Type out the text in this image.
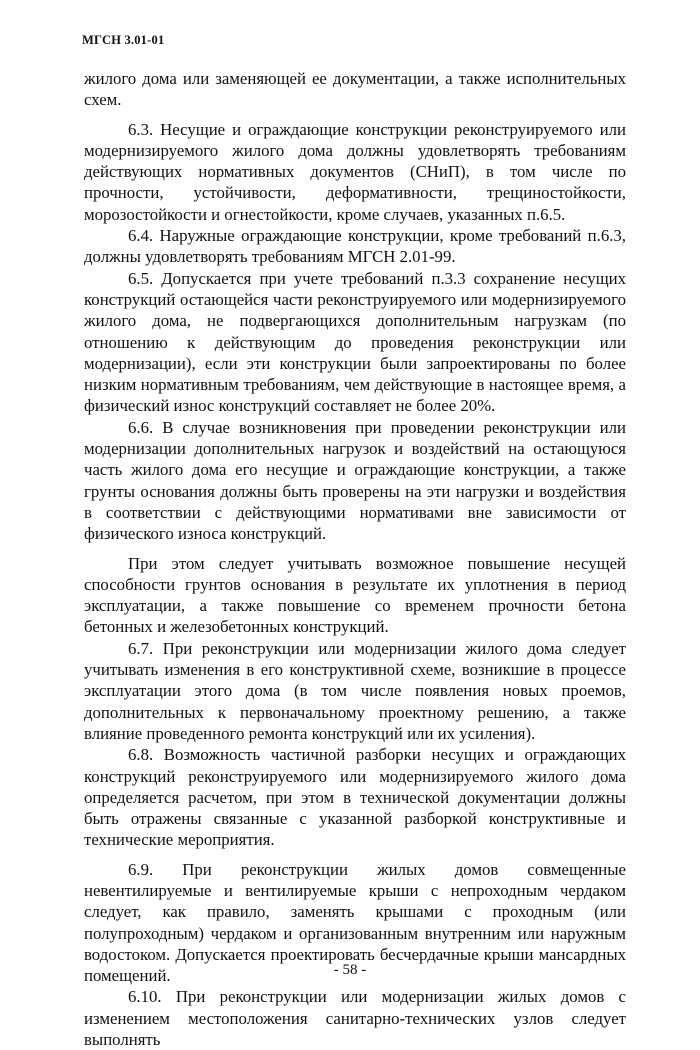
МГСН 3.01-01

жилого дома или заменяющей ее документации, а также исполнительных схем.

6.3. Несущие и ограждающие конструкции реконструируемого или модернизируемого жилого дома должны удовлетворять требованиям действующих нормативных документов (СНиП), в том числе по прочности, устойчивости, деформативности, трещиностойкости, морозостойкости и огнестойкости, кроме случаев, указанных п.6.5.

6.4. Наружные ограждающие конструкции, кроме требований п.6.3, должны удовлетворять требованиям МГСН 2.01-99.

6.5. Допускается при учете требований п.3.3 сохранение несущих конструкций остающейся части реконструируемого или модернизируемого жилого дома, не подвергающихся дополнительным нагрузкам (по отношению к действующим до проведения реконструкции или модернизации), если эти конструкции были запроектированы по более низким нормативным требованиям, чем действующие в настоящее время, а физический износ конструкций составляет не более 20%.

6.6. В случае возникновения при проведении реконструкции или модернизации дополнительных нагрузок и воздействий на остающуюся часть жилого дома его несущие и ограждающие конструкции, а также грунты основания должны быть проверены на эти нагрузки и воздействия в соответствии с действующими нормативами вне зависимости от физического износа конструкций.

При этом следует учитывать возможное повышение несущей способности грунтов основания в результате их уплотнения в период эксплуатации, а также повышение со временем прочности бетона бетонных и железобетонных конструкций.

6.7. При реконструкции или модернизации жилого дома следует учитывать изменения в его конструктивной схеме, возникшие в процессе эксплуатации этого дома (в том числе появления новых проемов, дополнительных к первоначальному проектному решению, а также влияние проведенного ремонта конструкций или их усиления).

6.8. Возможность частичной разборки несущих и ограждающих конструкций реконструируемого или модернизируемого жилого дома определяется расчетом, при этом в технической документации должны быть отражены связанные с указанной разборкой конструктивные и технические мероприятия.

6.9. При реконструкции жилых домов совмещенные невентилируемые и вентилируемые крыши с непроходным чердаком следует, как правило, заменять крышами с проходным (или полупроходным) чердаком и организованным внутренним или наружным водостоком. Допускается проектировать бесчердачные крыши мансардных помещений.

6.10. При реконструкции или модернизации жилых домов с изменением местоположения санитарно-технических узлов следует выполнять

- 58 -
